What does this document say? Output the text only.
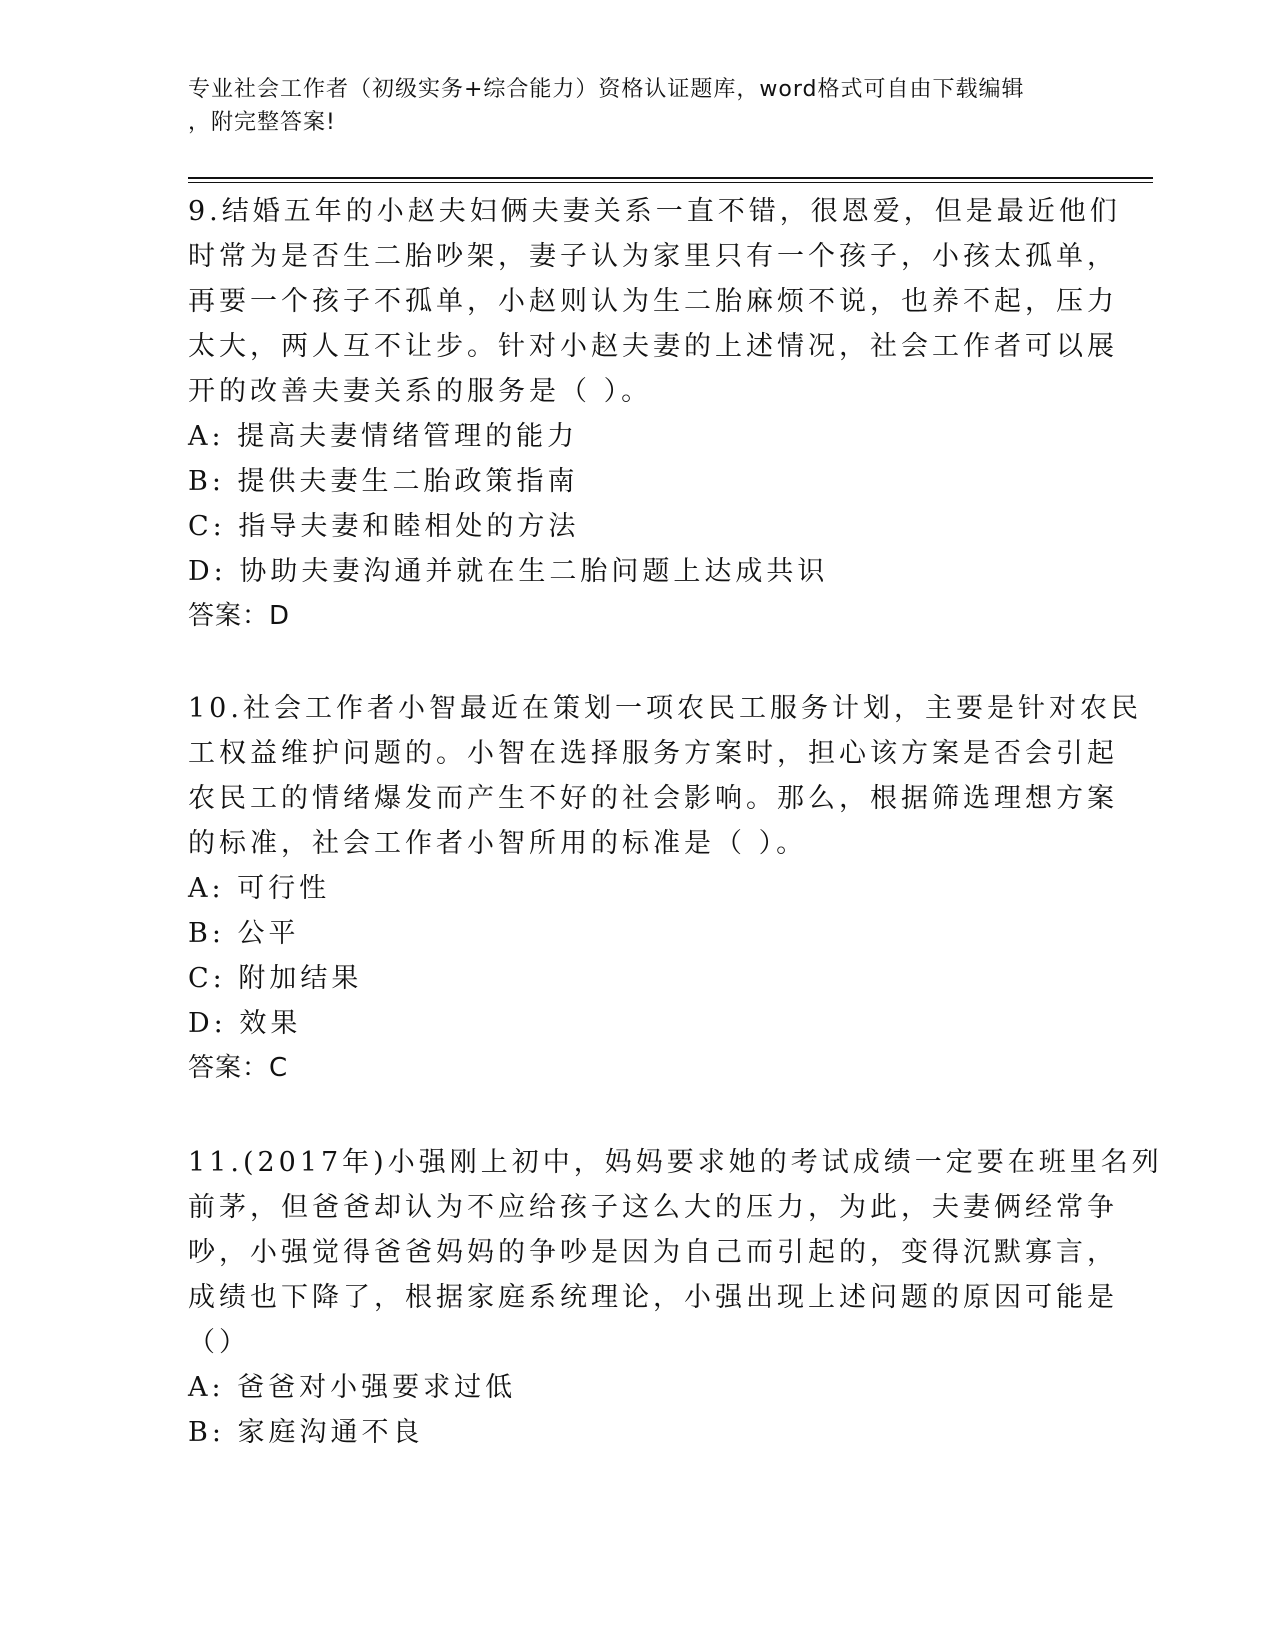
专业社会工作者（初级实务+综合能力）资格认证题库，word格式可自由下载编辑
，附完整答案!
9.结婚五年的小赵夫妇俩夫妻关系一直不错，很恩爱，但是最近他们
时常为是否生二胎吵架，妻子认为家里只有一个孩子，小孩太孤单，
再要一个孩子不孤单，小赵则认为生二胎麻烦不说，也养不起，压力
太大，两人互不让步。针对小赵夫妻的上述情况，社会工作者可以展
开的改善夫妻关系的服务是（ ）。
A: 提高夫妻情绪管理的能力
B: 提供夫妻生二胎政策指南
C: 指导夫妻和睦相处的方法
D: 协助夫妻沟通并就在生二胎问题上达成共识
答案：D
10.社会工作者小智最近在策划一项农民工服务计划，主要是针对农民
工权益维护问题的。小智在选择服务方案时，担心该方案是否会引起
农民工的情绪爆发而产生不好的社会影响。那么，根据筛选理想方案
的标准，社会工作者小智所用的标准是（ ）。
A: 可行性
B: 公平
C: 附加结果
D: 效果
答案：C
11.(2017年)小强刚上初中，妈妈要求她的考试成绩一定要在班里名列
前茅，但爸爸却认为不应给孩子这么大的压力，为此，夫妻俩经常争
吵，小强觉得爸爸妈妈的争吵是因为自己而引起的，变得沉默寡言，
成绩也下降了，根据家庭系统理论，小强出现上述问题的原因可能是
（）
A: 爸爸对小强要求过低
B: 家庭沟通不良
